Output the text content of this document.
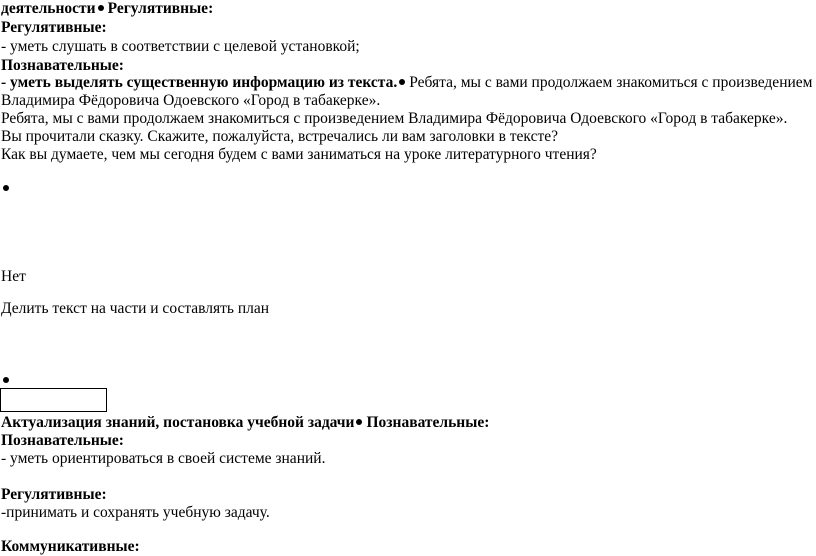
деятельности Регулятивные:
Регулятивные:
- уметь слушать в соответствии с целевой установкой;
Познавательные:
- уметь выделять существенную информацию из текста. Ребята, мы с вами продолжаем знакомиться с произведением
Владимира Фёдоровича Одоевского «Город в табакерке».
Ребята, мы с вами продолжаем знакомиться с произведением Владимира Фёдоровича Одоевского «Город в табакерке».
Вы прочитали сказку. Скажите, пожалуйста, встречались ли вам заголовки в тексте?
Как вы думаете, чем мы сегодня будем с вами заниматься на уроке литературного чтения?
Нет
Делить текст на части и составлять план
Актуализация знаний, постановка учебной задачи Познавательные:
Познавательные:
- уметь ориентироваться в своей системе знаний.
Регулятивные:
-принимать и сохранять учебную задачу.
Коммуникативные:
